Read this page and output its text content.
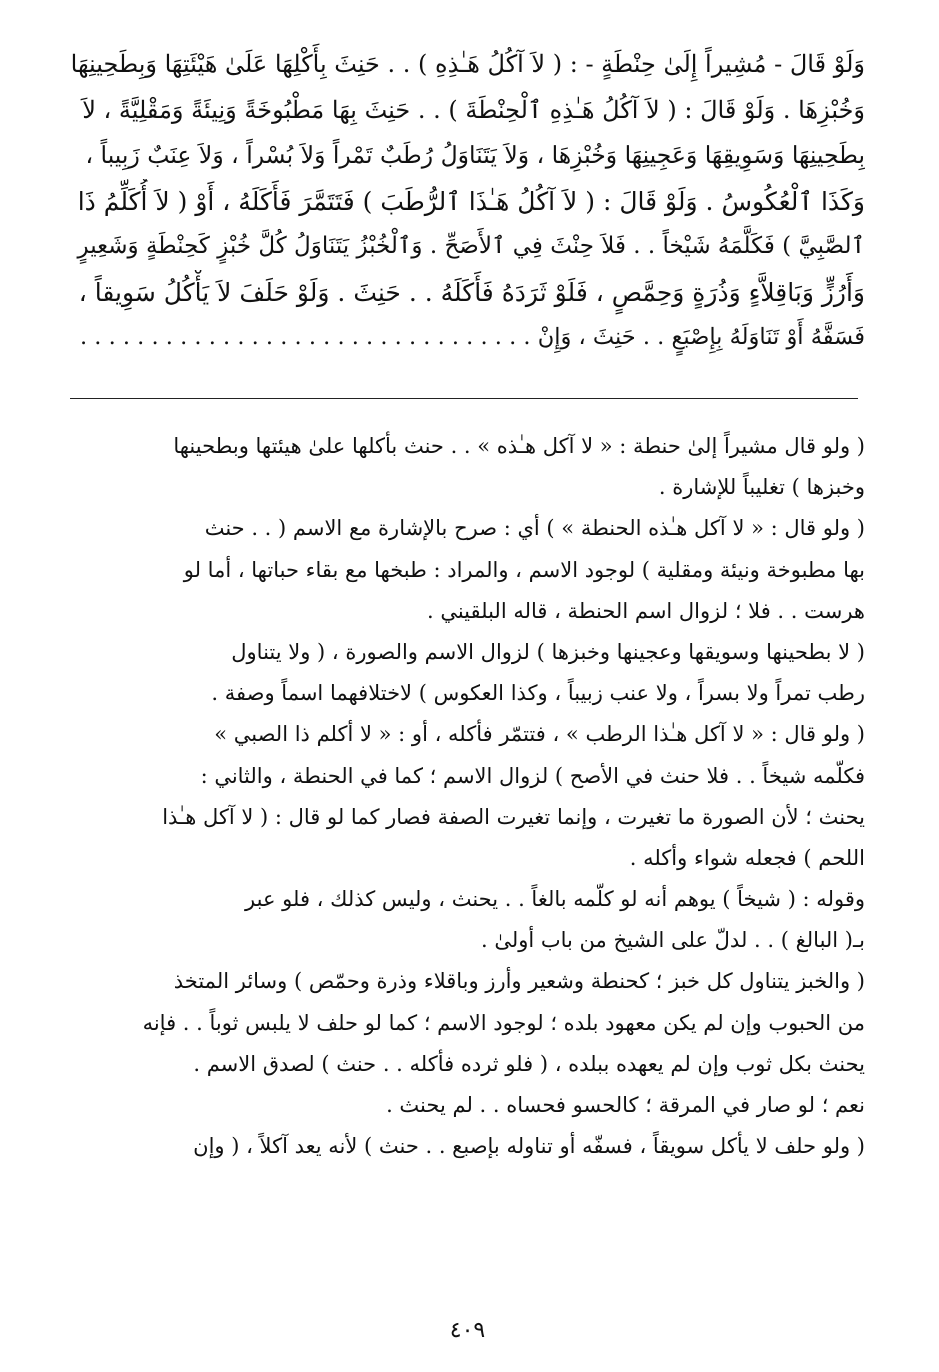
وَلَوْ قَالَ - مُشِيراً إِلَىٰ حِنْطَةٍ - : ( لاَ آكُلُ هَـٰذِهِ ) . . حَنِثَ بِأَكْلِهَا عَلَىٰ هَيْئَتِهَا وَبِطَحِينِهَا
وَخُبْزِهَا . وَلَوْ قَالَ : ( لاَ آكُلُ هَـٰذِهِ ٱلْحِنْطَةَ ) . . حَنِثَ بِهَا مَطْبُوخَةً وَنِيئَةً وَمَقْلِيَّةً ، لاَ
بِطَحِينِهَا وَسَوِيقِهَا وَعَجِينِهَا وَخُبْزِهَا ، وَلاَ يَتَنَاوَلُ رُطَبٌ تَمْراً وَلاَ بُسْراً ، وَلاَ عِنَبٌ زَبِيباً ،
وَكَذَا ٱلْعُكُوسُ . وَلَوْ قَالَ : ( لاَ آكُلُ هَـٰذَا ٱلرُّطَبَ ) فَتَتَمَّرَ فَأَكَلَهُ ، أَوْ ( لاَ أُكَلِّمُ ذَا
ٱلصَّبِيَّ ) فَكَلَّمَهُ شَيْخاً . . فَلاَ حِنْثَ فِي ٱلأَصَحِّ . وَٱلْخُبْزُ يَتَنَاوَلُ كُلَّ خُبْزٍ كَحِنْطَةٍ وَشَعِيرٍ
وَأَرُزٍّ وَبَاقِلاَّءٍ وَذُرَةٍ وَحِمَّصٍ ، فَلَوْ ثَرَدَهُ فَأَكَلَهُ . . حَنِثَ . وَلَوْ حَلَفَ لاَ يَأْكُلُ سَوِيقاً ،
فَسَفَّهُ أَوْ تَنَاوَلَهُ بِإِصْبَعٍ . . حَنِثَ ، وَإِنْ . . . . . . . . . . . . . . . . . . . . . . . . . . . . . . . .
( ولو قال مشيراً إلىٰ حنطة : « لا آكل هـٰذه » . . حنث بأكلها علىٰ هيئتها وبطحينها
وخبزها ) تغليباً للإشارة .
( ولو قال : « لا آكل هـٰذه الحنطة » ) أي : صرح بالإشارة مع الاسم ( . . حنث
بها مطبوخة ونيئة ومقلية ) لوجود الاسم ، والمراد : طبخها مع بقاء حباتها ، أما لو
هرست . . فلا ؛ لزوال اسم الحنطة ، قاله البلقيني .
( لا بطحينها وسويقها وعجينها وخبزها ) لزوال الاسم والصورة ، ( ولا يتناول
رطب تمراً ولا بسراً ، ولا عنب زبيباً ، وكذا العكوس ) لاختلافهما اسماً وصفة .
( ولو قال : « لا آكل هـٰذا الرطب » ، فتتمّر فأكله ، أو : « لا أكلم ذا الصبي »
فكلّمه شيخاً . . فلا حنث في الأصح ) لزوال الاسم ؛ كما في الحنطة ، والثاني :
يحنث ؛ لأن الصورة ما تغيرت ، وإنما تغيرت الصفة فصار كما لو قال : ( لا آكل هـٰذا
اللحم ) فجعله شواء وأكله .
وقوله : ( شيخاً ) يوهم أنه لو كلّمه بالغاً . . يحنث ، وليس كذلك ، فلو عبر
بـ( البالغ ) . . لدلّ على الشيخ من باب أولىٰ .
( والخبز يتناول كل خبز ؛ كحنطة وشعير وأرز وباقلاء وذرة وحمّص ) وسائر المتخذ
من الحبوب وإن لم يكن معهود بلده ؛ لوجود الاسم ؛ كما لو حلف لا يلبس ثوباً . . فإنه
يحنث بكل ثوب وإن لم يعهده ببلده ، ( فلو ثرده فأكله . . حنث ) لصدق الاسم .
نعم ؛ لو صار في المرقة ؛ كالحسو فحساه . . لم يحنث .
( ولو حلف لا يأكل سويقاً ، فسفّه أو تناوله بإصبع . . حنث ) لأنه يعد آكلاً ، ( وإن
٤٠٩
